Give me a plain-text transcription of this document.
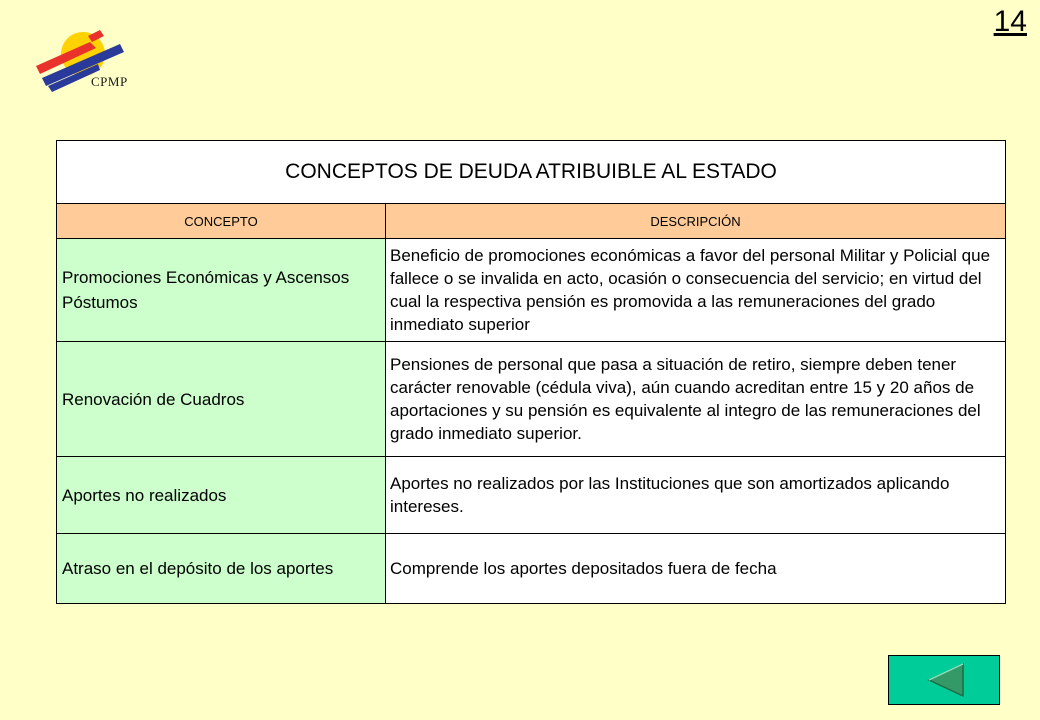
CPMP
14
CONCEPTOS DE DEUDA ATRIBUIBLE AL ESTADO	
CONCEPTO	DESCRIPCIÓN
Promociones Económicas y Ascensos Póstumos	Beneficio de promociones económicas a favor del personal Militar y Policial que fallece o se invalida en acto, ocasión o consecuencia del servicio; en virtud del cual la respectiva pensión es promovida a las remuneraciones del grado inmediato superior
Renovación de Cuadros	Pensiones de personal que pasa a situación de retiro, siempre deben tener carácter renovable (cédula viva), aún cuando acreditan entre 15 y 20 años de aportaciones y su pensión es equivalente al integro de las remuneraciones del grado inmediato superior.
Aportes no realizados	Aportes no realizados por las Instituciones que son amortizados aplicando intereses.
Atraso en el depósito de los aportes	Comprende los aportes depositados fuera de fecha
